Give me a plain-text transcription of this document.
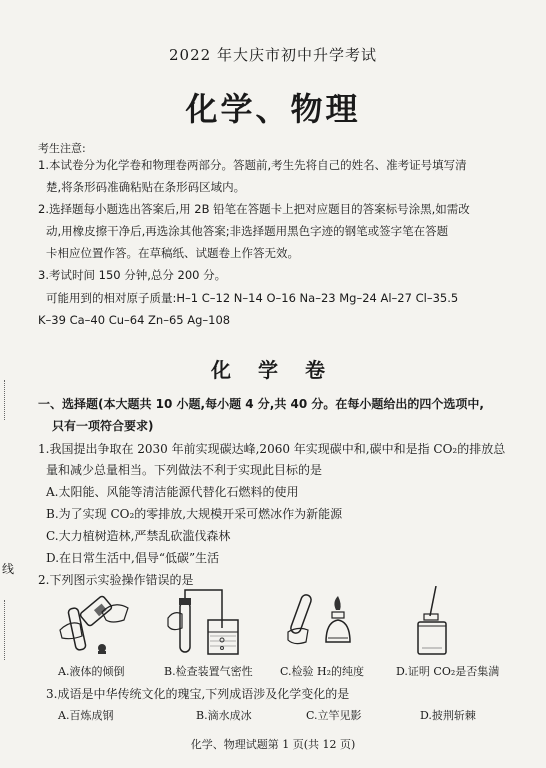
2022 年大庆市初中升学考试
化学、物理
考生注意:
1.本试卷分为化学卷和物理卷两部分。答题前,考生先将自己的姓名、准考证号填写清
楚,将条形码准确粘贴在条形码区域内。
2.选择题每小题选出答案后,用 2B 铅笔在答题卡上把对应题目的答案标号涂黑,如需改
动,用橡皮擦干净后,再选涂其他答案;非选择题用黑色字迹的钢笔或签字笔在答题
卡相应位置作答。在草稿纸、试题卷上作答无效。
3.考试时间 150 分钟,总分 200 分。
可能用到的相对原子质量:H–1 C–12 N–14 O–16 Na–23 Mg–24 Al–27 Cl–35.5
K–39 Ca–40 Cu–64 Zn–65 Ag–108
化 学 卷
一、选择题(本大题共 10 小题,每小题 4 分,共 40 分。在每小题给出的四个选项中,
只有一项符合要求)
1.我国提出争取在 2030 年前实现碳达峰,2060 年实现碳中和,碳中和是指 CO₂的排放总
量和减少总量相当。下列做法不利于实现此目标的是
A.太阳能、风能等清洁能源代替化石燃料的使用
B.为了实现 CO₂的零排放,大规模开采可燃冰作为新能源
C.大力植树造林,严禁乱砍滥伐森林
D.在日常生活中,倡导“低碳”生活
2.下列图示实验操作错误的是
A.液体的倾倒	B.检查装置气密性 C.检验 H₂的纯度	D.证明 CO₂是否集满
3.成语是中华传统文化的瑰宝,下列成语涉及化学变化的是
A.百炼成钢	B.滴水成冰	C.立竿见影	D.披荆斩棘
线
化学、物理试题第 1 页(共 12 页)
